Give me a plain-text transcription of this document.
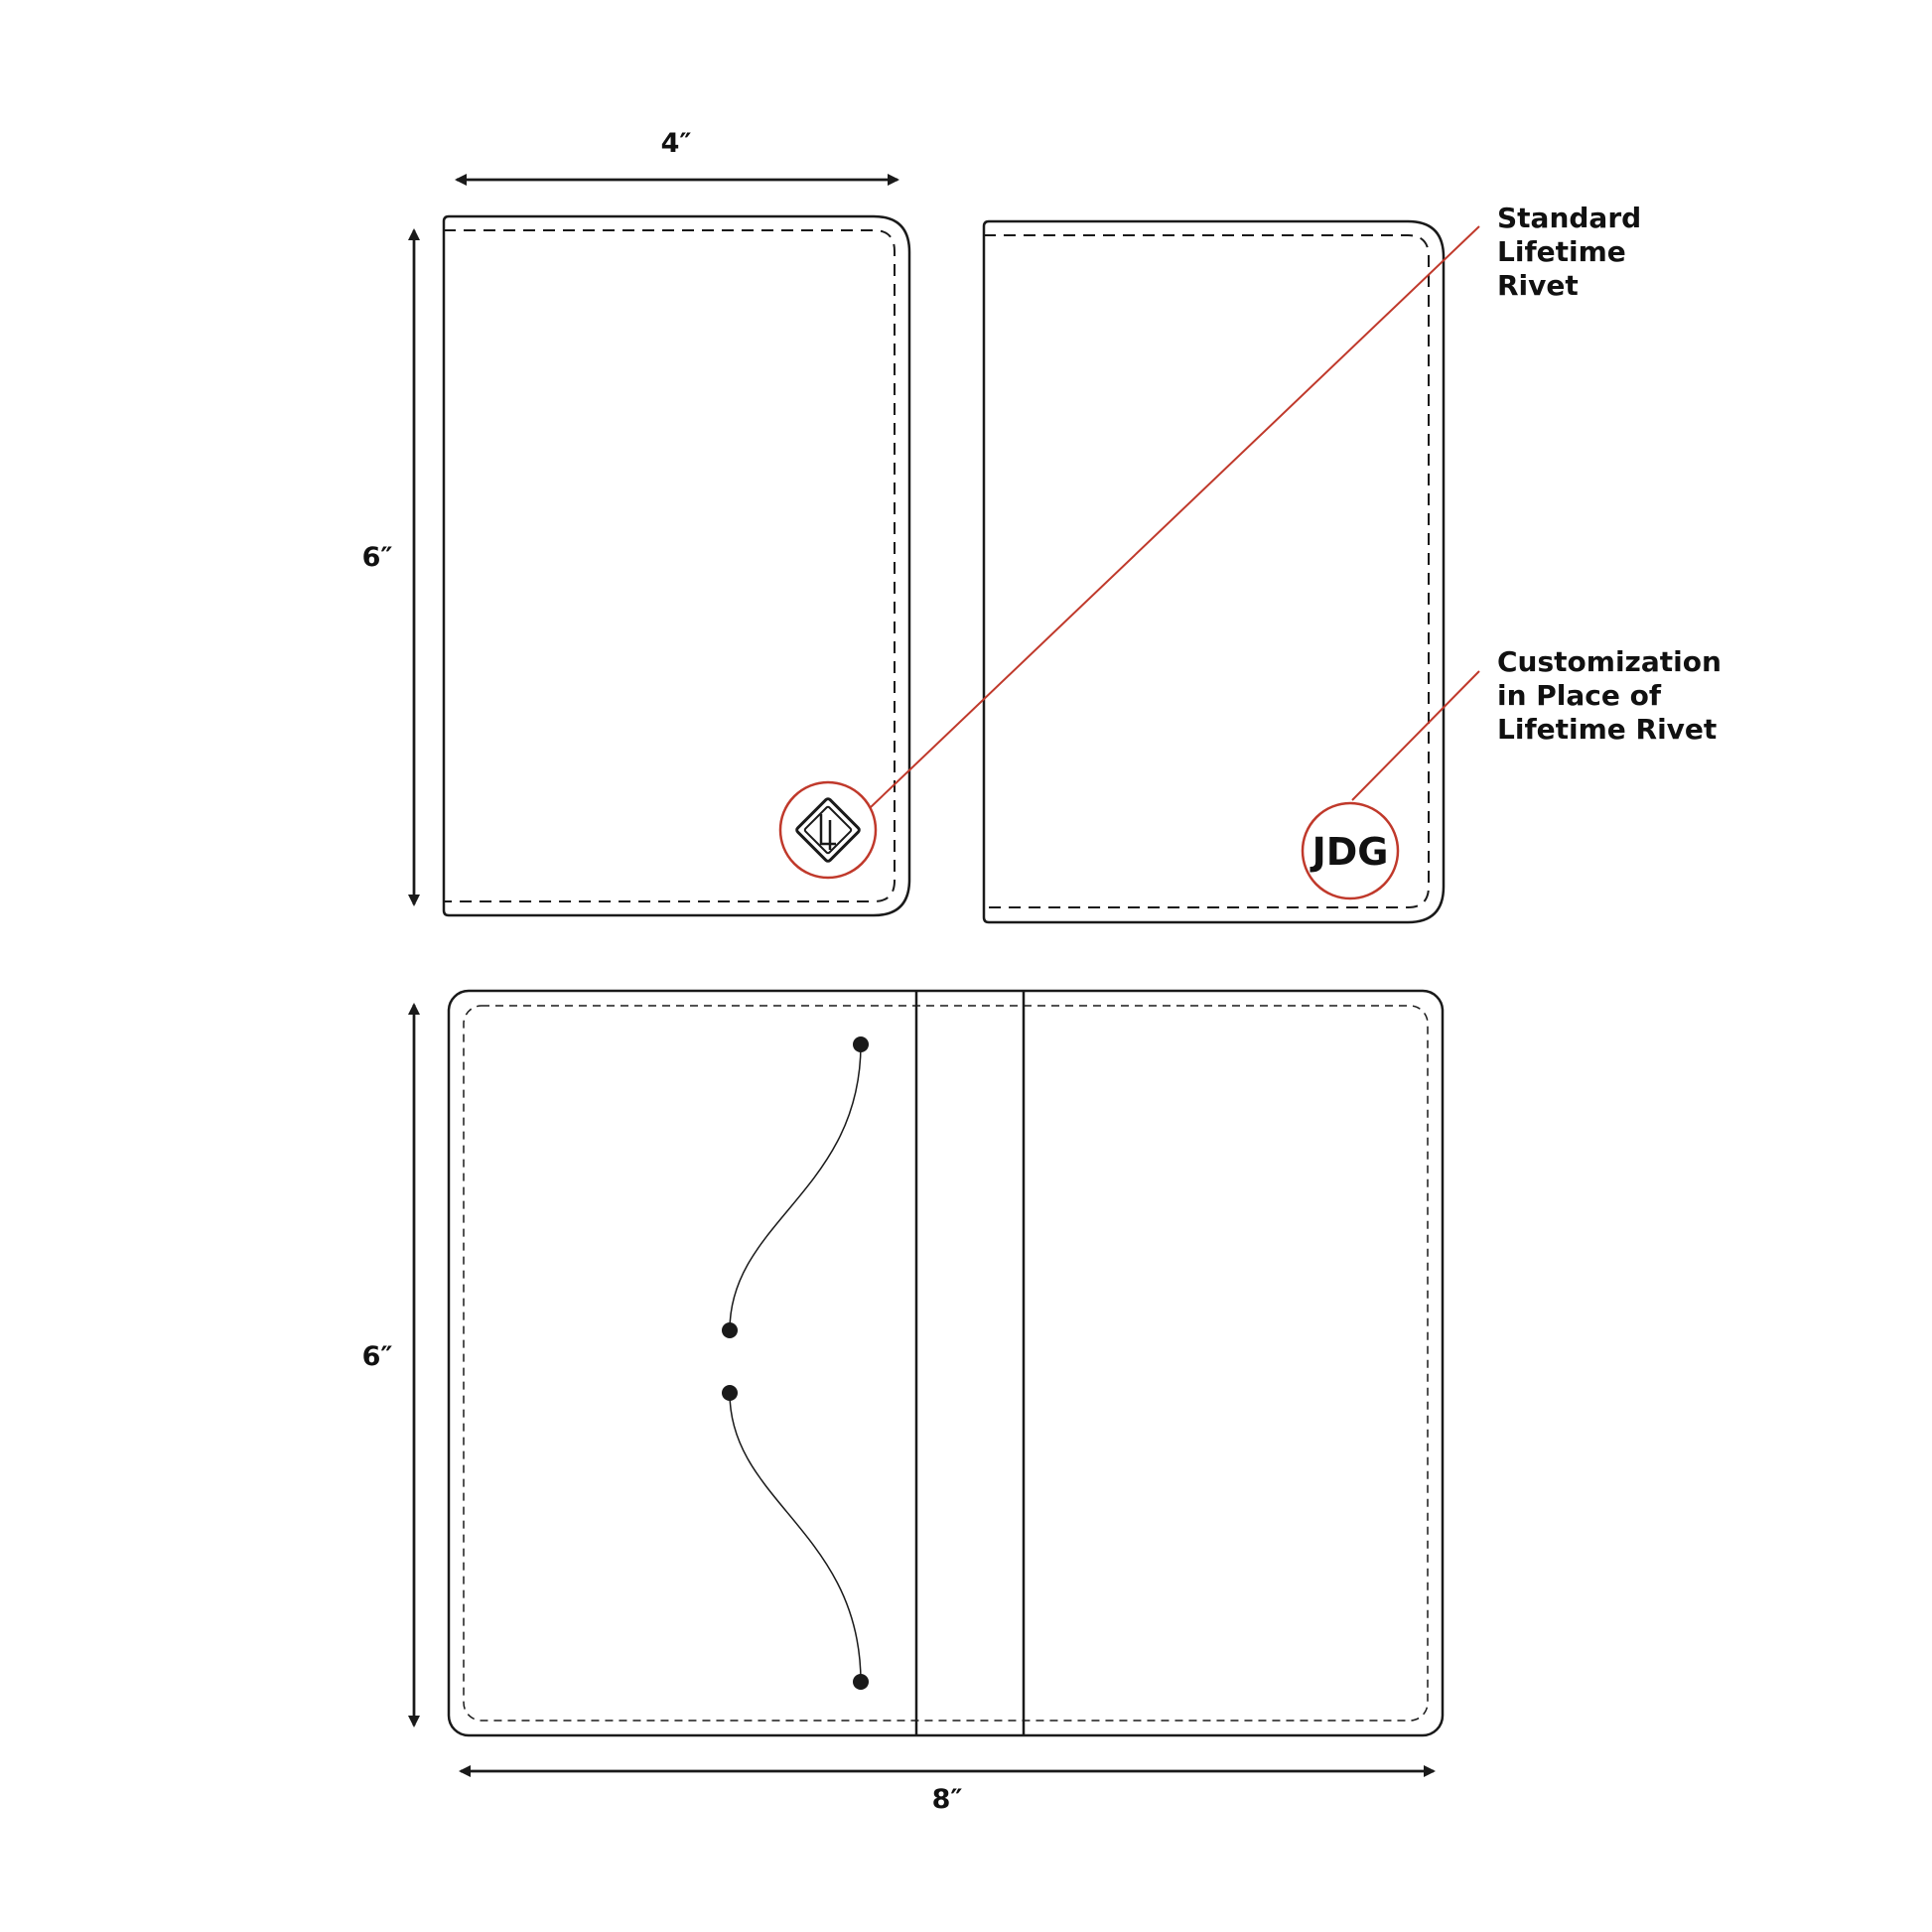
4″
6″
JDG
Standard Lifetime Rivet
Customization in Place of Lifetime Rivet
6″
8″
